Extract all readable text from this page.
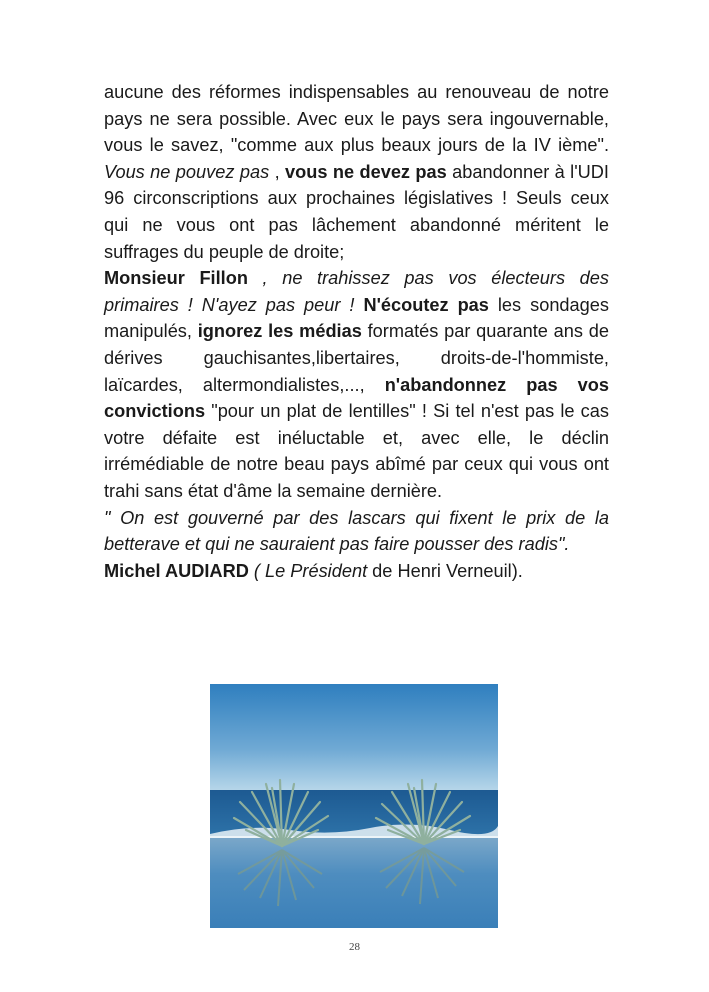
aucune des réformes indispensables au renouveau de notre pays ne sera possible. Avec eux le pays sera ingouvernable, vous le savez, "comme aux plus beaux jours de la IV ième". Vous ne pouvez pas , vous ne devez pas abandonner à l'UDI 96 circonscriptions aux prochaines législatives ! Seuls ceux qui ne vous ont pas lâchement abandonné méritent le suffrages du peuple de droite;

Monsieur Fillon , ne trahissez pas vos électeurs des primaires ! N'ayez pas peur ! N'écoutez pas les sondages manipulés, ignorez les médias formatés par quarante ans de dérives gauchisantes,libertaires, droits-de-l'hommiste, laïcardes, altermondialistes,..., n'abandonnez pas vos convictions "pour un plat de lentilles" ! Si tel n'est pas le cas votre défaite est inéluctable et, avec elle, le déclin irrémédiable de notre beau pays abîmé par ceux qui vous ont trahi sans état d'âme la semaine dernière.

" On est gouverné par des lascars qui fixent le prix de la betterave et qui ne sauraient pas faire pousser des radis".

Michel AUDIARD ( Le Président de Henri Verneuil).

28
